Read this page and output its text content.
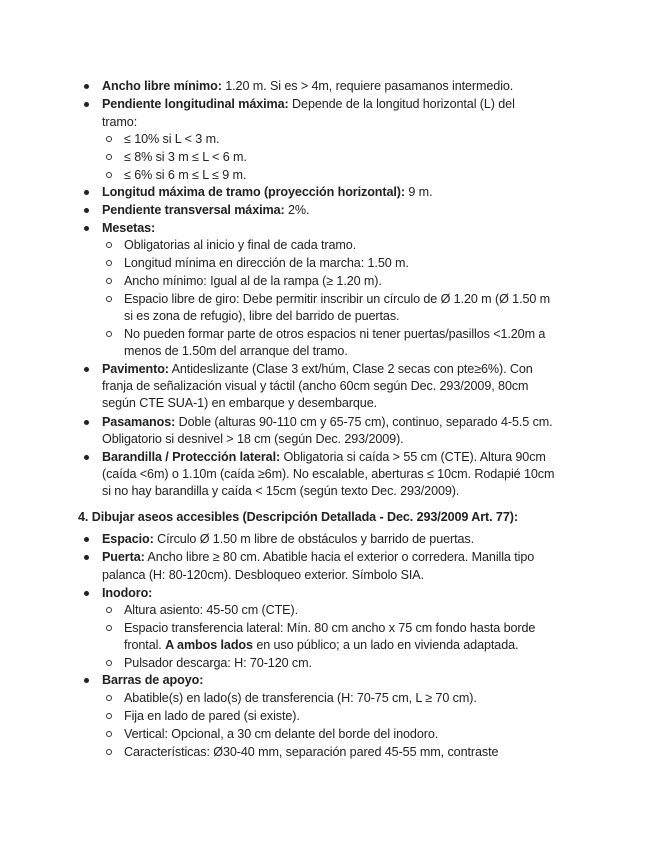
Ancho libre mínimo: 1.20 m. Si es > 4m, requiere pasamanos intermedio.
Pendiente longitudinal máxima: Depende de la longitud horizontal (L) del
tramo:
≤ 10% si L < 3 m.
≤ 8% si 3 m ≤ L < 6 m.
≤ 6% si 6 m ≤ L ≤ 9 m.
Longitud máxima de tramo (proyección horizontal): 9 m.
Pendiente transversal máxima: 2%.
Mesetas:
Obligatorias al inicio y final de cada tramo.
Longitud mínima en dirección de la marcha: 1.50 m.
Ancho mínimo: Igual al de la rampa (≥ 1.20 m).
Espacio libre de giro: Debe permitir inscribir un círculo de Ø 1.20 m (Ø 1.50 m
si es zona de refugio), libre del barrido de puertas.
No pueden formar parte de otros espacios ni tener puertas/pasillos <1.20m a
menos de 1.50m del arranque del tramo.
Pavimento: Antideslizante (Clase 3 ext/húm, Clase 2 secas con pte≥6%). Con
franja de señalización visual y táctil (ancho 60cm según Dec. 293/2009, 80cm
según CTE SUA-1) en embarque y desembarque.
Pasamanos: Doble (alturas 90-110 cm y 65-75 cm), continuo, separado 4-5.5 cm.
Obligatorio si desnivel > 18 cm (según Dec. 293/2009).
Barandilla / Protección lateral: Obligatoria si caída > 55 cm (CTE). Altura 90cm
(caída <6m) o 1.10m (caída ≥6m). No escalable, aberturas ≤ 10cm. Rodapié 10cm
si no hay barandilla y caída < 15cm (según texto Dec. 293/2009).
4. Dibujar aseos accesibles (Descripción Detallada - Dec. 293/2009 Art. 77):
Espacio: Círculo Ø 1.50 m libre de obstáculos y barrido de puertas.
Puerta: Ancho libre ≥ 80 cm. Abatible hacia el exterior o corredera. Manilla tipo
palanca (H: 80-120cm). Desbloqueo exterior. Símbolo SIA.
Inodoro:
Altura asiento: 45-50 cm (CTE).
Espacio transferencia lateral: Mín. 80 cm ancho x 75 cm fondo hasta borde
frontal. A ambos lados en uso público; a un lado en vivienda adaptada.
Pulsador descarga: H: 70-120 cm.
Barras de apoyo:
Abatible(s) en lado(s) de transferencia (H: 70-75 cm, L ≥ 70 cm).
Fija en lado de pared (si existe).
Vertical: Opcional, a 30 cm delante del borde del inodoro.
Características: Ø30-40 mm, separación pared 45-55 mm, contraste
